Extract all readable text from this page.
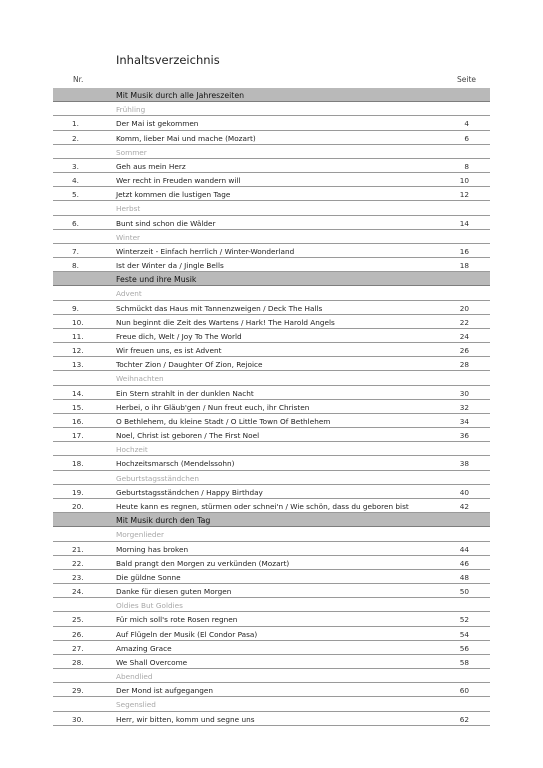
Inhaltsverzeichnis
Nr.	Seite
Mit Musik durch alle Jahreszeiten
Frühling
1.	Der Mai ist gekommen	4
2.	Komm, lieber Mai und mache (Mozart)	6
Sommer
3.	Geh aus mein Herz	8
4.	Wer recht in Freuden wandern will	10
5.	Jetzt kommen die lustigen Tage	12
Herbst
6.	Bunt sind schon die Wälder	14
Winter
7.	Winterzeit - Einfach herrlich / Winter-Wonderland	16
8.	Ist der Winter da / Jingle Bells	18
Feste und ihre Musik
Advent
9.	Schmückt das Haus mit Tannenzweigen / Deck The Halls	20
10.	Nun beginnt die Zeit des Wartens / Hark! The Harold Angels	22
11.	Freue dich, Welt / Joy To The World	24
12.	Wir freuen uns, es ist Advent	26
13.	Tochter Zion / Daughter Of Zion, Rejoice	28
Weihnachten
14.	Ein Stern strahlt in der dunklen Nacht	30
15.	Herbei, o ihr Gläub'gen / Nun freut euch, ihr Christen	32
16.	O Bethlehem, du kleine Stadt / O Little Town Of Bethlehem	34
17.	Noel, Christ ist geboren / The First Noel	36
Hochzeit
18.	Hochzeitsmarsch (Mendelssohn)	38
Geburtstagsständchen
19.	Geburtstagsständchen / Happy Birthday	40
20.	Heute kann es regnen, stürmen oder schnei'n / Wie schön, dass du geboren bist	42
Mit Musik durch den Tag
Morgenlieder
21.	Morning has broken	44
22.	Bald prangt den Morgen zu verkünden (Mozart)	46
23.	Die güldne Sonne	48
24.	Danke für diesen guten Morgen	50
Oldies But Goldies
25.	Für mich soll's rote Rosen regnen	52
26.	Auf Flügeln der Musik (El Condor Pasa)	54
27.	Amazing Grace	56
28.	We Shall Overcome	58
Abendlied
29.	Der Mond ist aufgegangen	60
Segenslied
30.	Herr, wir bitten, komm und segne uns	62
